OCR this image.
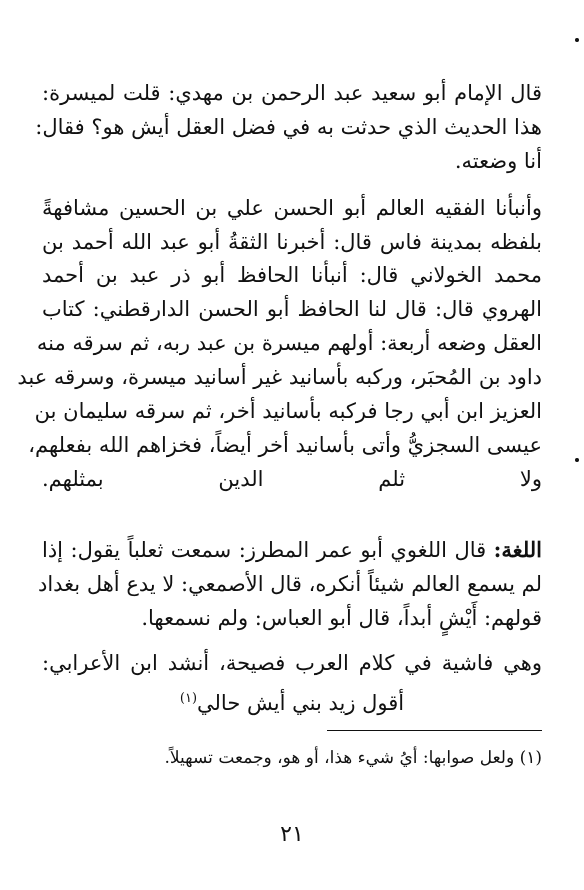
قال الإمام أبو سعيد عبد الرحمن بن مهدي: قلت لميسرة:
هذا الحديث الذي حدثت به في فضل العقل أيش هو؟ فقال:
أنا وضعته.
وأنبأنا الفقيه العالم أبو الحسن علي بن الحسين مشافهةً
بلفظه بمدينة فاس قال: أخبرنا الثقةُ أبو عبد الله أحمد بن
محمد الخولاني قال: أنبأنا الحافظ أبو ذر عبد بن أحمد
الهروي قال: قال لنا الحافظ أبو الحسن الدارقطني: كتاب
العقل وضعه أربعة: أولهم ميسرة بن عبد ربه، ثم سرقه منه
داود بن المُحبَر، وركبه بأسانيد غير أسانيد ميسرة، وسرقه عبد
العزيز ابن أبي رجا فركبه بأسانيد أخر، ثم سرقه سليمان بن
عيسى السجزيُّ وأتى بأسانيد أخر أيضاً، فخزاهم الله بفعلهم،
ولا ثلم الدين بمثلهم.
اللغة: قال اللغوي أبو عمر المطرز: سمعت ثعلباً يقول: إذا
لم يسمع العالم شيئاً أنكره، قال الأصمعي: لا يدع أهل بغداد
قولهم: أَيْشٍ أبداً، قال أبو العباس: ولم نسمعها.
وهي فاشية في كلام العرب فصيحة، أنشد ابن الأعرابي:
أقول زيد بني أيش حالي$^{(١)}$
(١) ولعل صوابها: أيُ شيء هذا، أو هو، وجمعت تسهيلاً.
٢١
